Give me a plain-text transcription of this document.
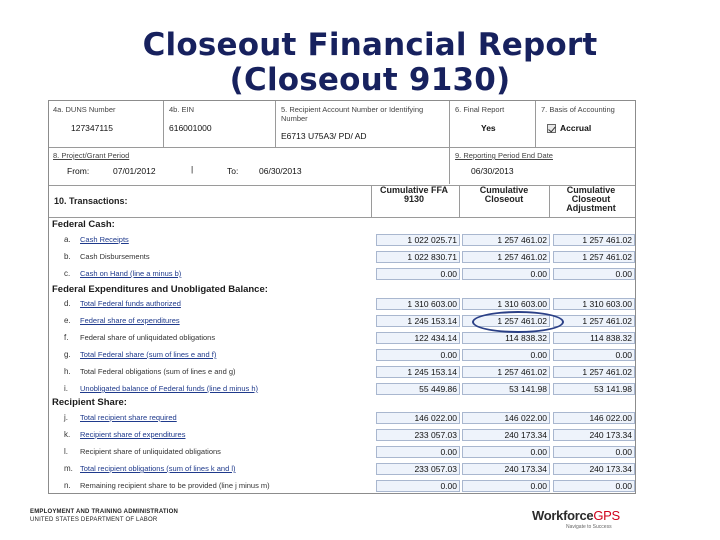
Closeout Financial Report (Closeout 9130)
4a. DUNS Number
127347115
4b. EIN
616001000
5. Recipient Account Number or Identifying Number
E6713 U75A3/ PD/ AD
6. Final Report
Yes
7. Basis of Accounting
Accrual
8. Project/Grant Period
From:	07/01/2012	|	To: 06/30/2013
9. Reporting Period End Date
06/30/2013
10. Transactions:
Cumulative FFA 9130
Cumulative Closeout
Cumulative Closeout Adjustment
Federal Cash:
a. Cash Receipts	1 022 025.71	1 257 461.02	1 257 461.02
b. Cash Disbursements	1 022 830.71	1 257 461.02	1 257 461.02
c. Cash on Hand (line a minus b)	0.00	0.00	0.00
Federal Expenditures and Unobligated Balance:
d. Total Federal funds authorized	1 310 603.00	1 310 603.00	1 310 603.00
e. Federal share of expenditures	1 245 153.14	1 257 461.02	1 257 461.02
f. Federal share of unliquidated obligations	122 434.14	114 838.32	114 838.32
g. Total Federal share (sum of lines e and f)	0.00	0.00	0.00
h. Total Federal obligations (sum of lines e and g)	1 245 153.14	1 257 461.02	1 257 461.02
i. Unobligated balance of Federal funds (line d minus h)	55 449.86	53 141.98	53 141.98
Recipient Share:
j. Total recipient share required	146 022.00	146 022.00	146 022.00
k. Recipient share of expenditures	233 057.03	240 173.34	240 173.34
l. Recipient share of unliquidated obligations	0.00	0.00	0.00
m. Total recipient obligations (sum of lines k and l)	233 057.03	240 173.34	240 173.34
n. Remaining recipient share to be provided (line j minus m)	0.00	0.00	0.00
EMPLOYMENT AND TRAINING ADMINISTRATION
UNITED STATES DEPARTMENT OF LABOR	WorkforceGPS
Navigate to Success
